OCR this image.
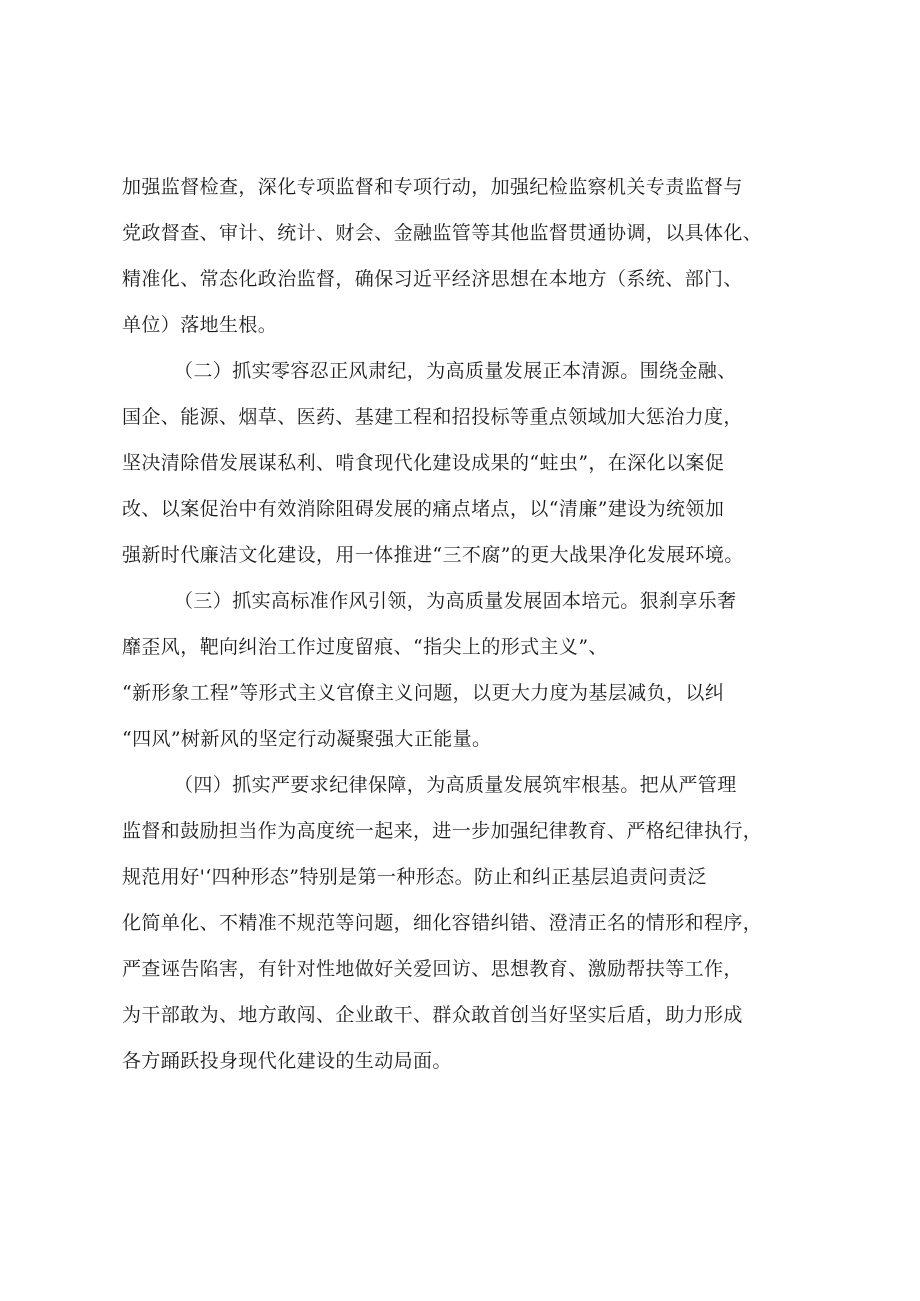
加强监督检查，深化专项监督和专项行动，加强纪检监察机关专责监督与
党政督查、审计、统计、财会、金融监管等其他监督贯通协调，以具体化、
精准化、常态化政治监督，确保习近平经济思想在本地方（系统、部门、
单位）落地生根。
（二）抓实零容忍正风肃纪，为高质量发展正本清源。围绕金融、
国企、能源、烟草、医药、基建工程和招投标等重点领域加大惩治力度，
坚决清除借发展谋私利、啃食现代化建设成果的“蛀虫”，在深化以案促
改、以案促治中有效消除阻碍发展的痛点堵点，以“清廉”建设为统领加
强新时代廉洁文化建设，用一体推进“三不腐”的更大战果净化发展环境。
（三）抓实高标准作风引领，为高质量发展固本培元。狠刹享乐奢
靡歪风，靶向纠治工作过度留痕、“指尖上的形式主义”、
“新形象工程”等形式主义官僚主义问题，以更大力度为基层减负，以纠
“四风”树新风的坚定行动凝聚强大正能量。
（四）抓实严要求纪律保障，为高质量发展筑牢根基。把从严管理
监督和鼓励担当作为高度统一起来，进一步加强纪律教育、严格纪律执行，
规范用好'‘四种形态”特别是第一种形态。防止和纠正基层追责问责泛
化简单化、不精准不规范等问题，细化容错纠错、澄清正名的情形和程序，
严查诬告陷害，有针对性地做好关爱回访、思想教育、激励帮扶等工作，
为干部敢为、地方敢闯、企业敢干、群众敢首创当好坚实后盾，助力形成
各方踊跃投身现代化建设的生动局面。
